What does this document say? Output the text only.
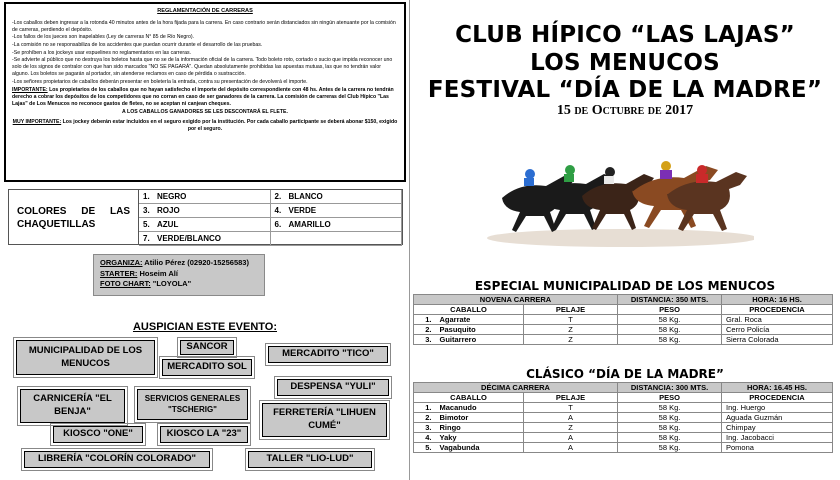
REGLAMENTACIÓN DE CARRERAS

-Los caballos deben ingresar a la rotonda 40 minutos antes de la hora fijada para la carrera. En caso contrario serán distanciados sin ningún atenuante por la comisión de carreras, perdiendo el depósito.

-Los fallos de los jueces son inapelables (Ley de carreras N° 85 de Río Negro).

-La comisión no se responsabiliza de los accidentes que puedan ocurrir durante el desarrollo de las pruebas.

-Se prohíben a los jockeys usar espuelines no reglamentarios en las carreras.

-Se advierte al público que no destruya los boletos hasta que no se de la información oficial de la carrera. Todo boleto roto, cortado o sucio que impida reconocer uno solo de los signos de contralor con que han sido marcados "NO SE PAGARÁ". Quedan absolutamente prohibidas las apuestas mutuas, las que no tendrán valor alguno. Los boletos se pagarán al portador, sin atenderse reclamos en caso de pérdida o sustracción.

-Los señores propietarios de caballos deberán presentar en boletería la entrada, contra su presentación de devolverá el importe.

IMPORTANTE: Los propietarios de los caballos que no hayan satisfecho el importe del depósito correspondiente con 48 hs. Antes de la carrera no tendrán derecho a cobrar los depósitos de los competidores que no corran en caso de ser ganadores de la carrera. La comisión de carreras del Club Hípico "Las Lajas" de Los Menucos no reconoce gastos de fletes, no se aceptan ni canjean cheques.

A LOS CABALLOS GANADORES SE LES DESCONTARÁ EL FLETE.

MUY IMPORTANTE: Los jockey deberán estar incluidos en el seguro exigido por la institución. Por cada caballo participante se deberá abonar $150, exigido por el seguro.

COLORES DE LAS CHAQUETILLAS
1. NEGRO	2. BLANCO
3. ROJO	4. VERDE
5. AZUL	6. AMARILLO
7. VERDE/BLANCO
ORGANIZA: Atilio Pérez (02920-15256583)
STARTER: Hoseim Alí
FOTO CHART: "LOYOLA"
AUSPICIAN ESTE EVENTO:
MUNICIPALIDAD DE LOS MENUCOS
SANCOR
MERCADITO SOL
MERCADITO "TICO"
DESPENSA "YULI"
CARNICERÍA "EL BENJA"
SERVICIOS GENERALES "TSCHERIG"	FERRETERÍA "LIHUEN CUMÉ"
KIOSCO "ONE"	KIOSCO LA "23"
LIBRERÍA "COLORÍN COLORADO"	TALLER "LIO-LUD"
CLUB HÍPICO “LAS LAJAS”
LOS MENUCOS
FESTIVAL “DÍA DE LA MADRE”
15 de Octubre de 2017
ESPECIAL MUNICIPALIDAD DE LOS MENUCOS
NOVENA CARRERA			DISTANCIA: 350 MTS.	HORA: 16 HS.
CABALLO		PELAJE	PESO	PROCEDENCIA
1.	Agarrate	T	58 Kg.	Gral. Roca
2.	Pasuquito	Z	58 Kg.	Cerro Policía
3.	Guitarrero	Z	58 Kg.	Sierra Colorada
CLÁSICO “DÍA DE LA MADRE”
DÉCIMA CARRERA			DISTANCIA: 300 MTS.	HORA: 16.45 HS.
CABALLO		PELAJE	PESO	PROCEDENCIA
1.	Macanudo	T	58 Kg.	Ing. Huergo
2.	Bimotor	A	58 Kg.	Aguada Guzmán
3.	Ringo	Z	58 Kg.	Chimpay
4.	Yaky	A	58 Kg.	Ing. Jacobacci
5.	Vagabunda	A	58 Kg.	Pomona
